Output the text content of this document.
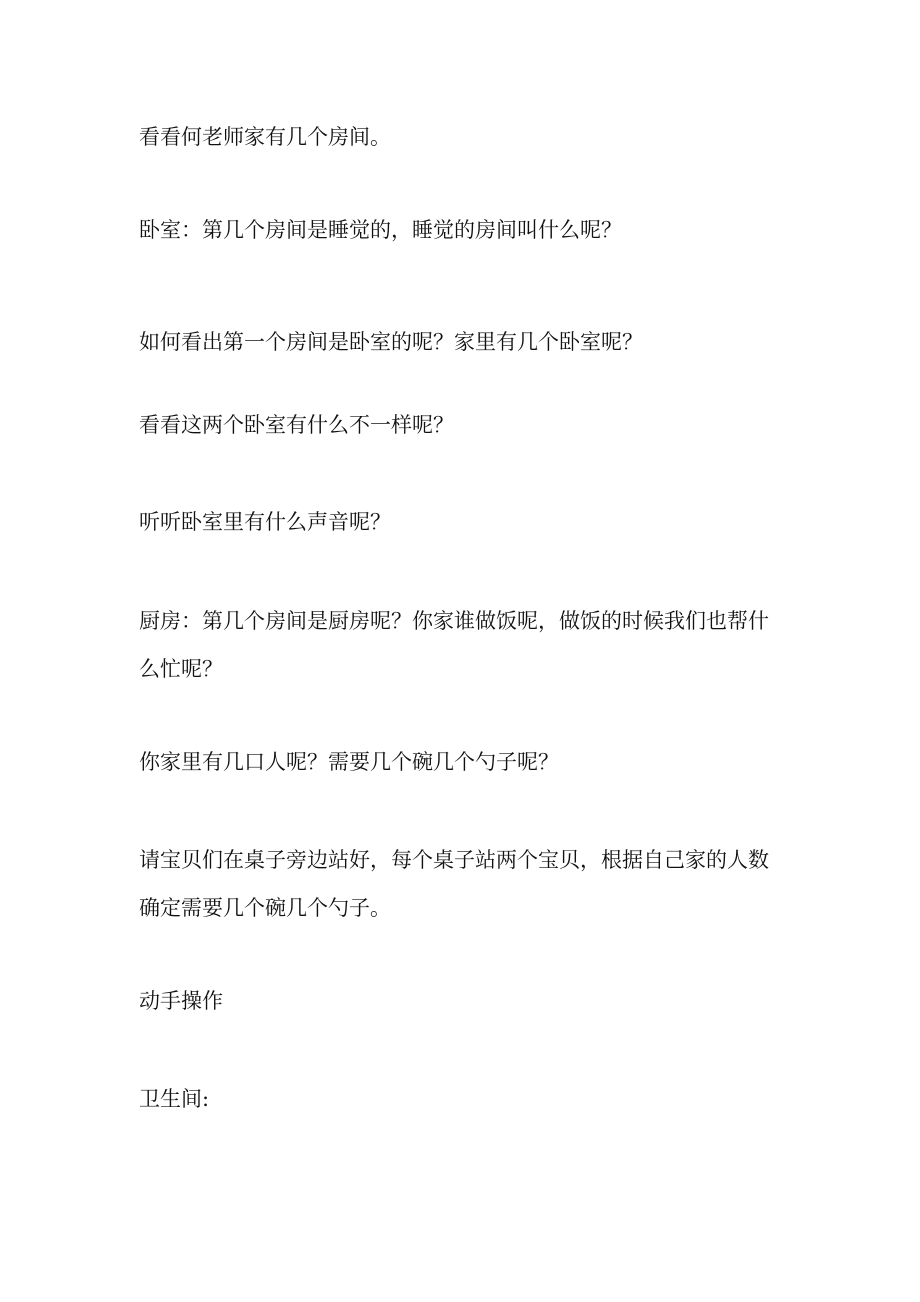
看看何老师家有几个房间。

卧室：第几个房间是睡觉的，睡觉的房间叫什么呢？

如何看出第一个房间是卧室的呢？家里有几个卧室呢？

看看这两个卧室有什么不一样呢？

听听卧室里有什么声音呢？

厨房：第几个房间是厨房呢？你家谁做饭呢，做饭的时候我们也帮什么忙呢？

你家里有几口人呢？需要几个碗几个勺子呢？

请宝贝们在桌子旁边站好，每个桌子站两个宝贝，根据自己家的人数确定需要几个碗几个勺子。

动手操作

卫生间:
